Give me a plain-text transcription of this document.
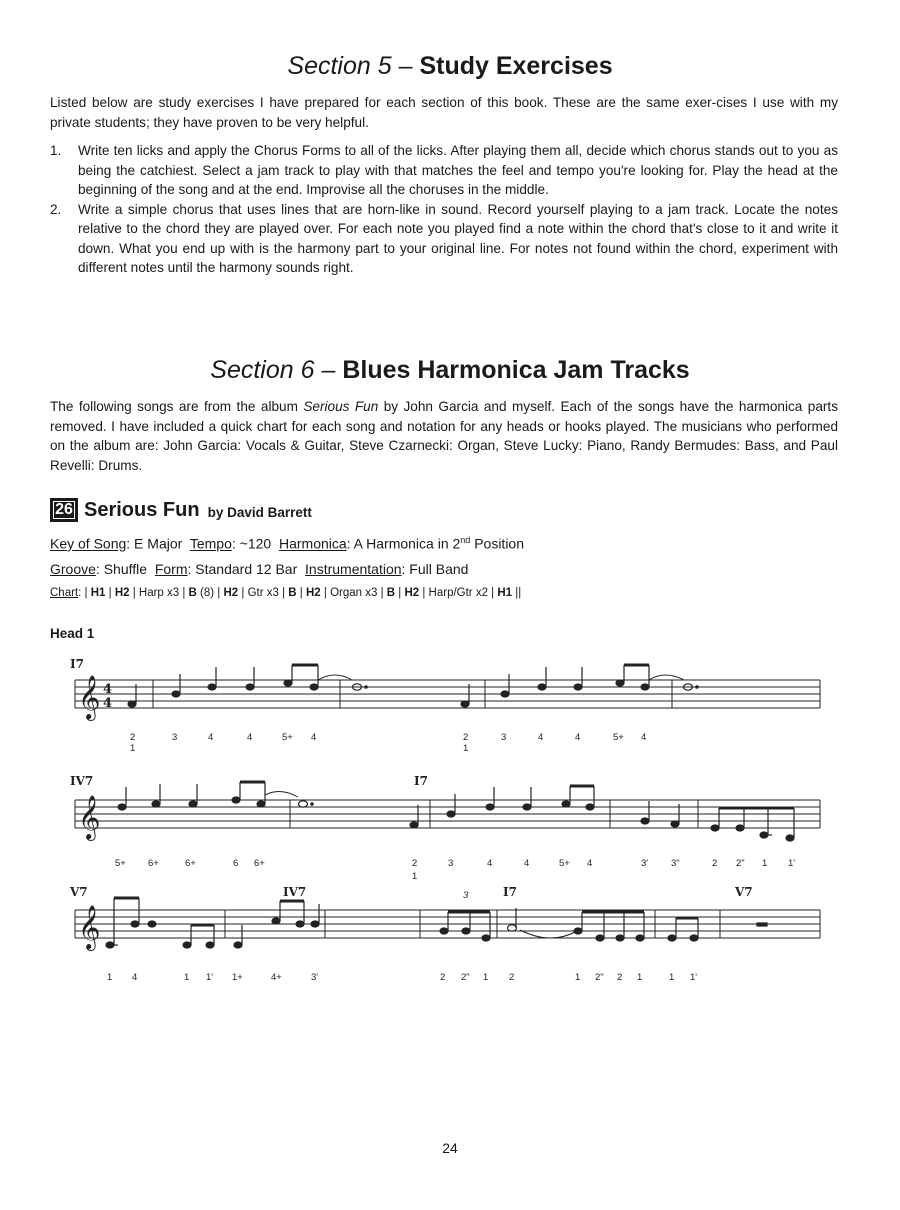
Section 5 – Study Exercises

Listed below are study exercises I have prepared for each section of this book. These are the same exer-cises I use with my private students; they have proven to be very helpful.

1. Write ten licks and apply the Chorus Forms to all of the licks. After playing them all, decide which chorus stands out to you as being the catchiest. Select a jam track to play with that matches the feel and tempo you're looking for. Play the head at the beginning of the song and at the end. Improvise all the choruses in the middle.
2. Write a simple chorus that uses lines that are horn-like in sound. Record yourself playing to a jam track. Locate the notes relative to the chord they are played over. For each note you played find a note within the chord that's close to it and write it down. What you end up with is the harmony part to your original line. For notes not found within the chord, experiment with different notes until the harmony sounds right.
Section 6 – Blues Harmonica Jam Tracks

The following songs are from the album Serious Fun by John Garcia and myself. Each of the songs have the harmonica parts removed. I have included a quick chart for each song and notation for any heads or hooks played. The musicians who performed on the album are: John Garcia: Vocals & Guitar, Steve Czarnecki: Organ, Steve Lucky: Piano, Randy Bermudes: Bass, and Paul Revelli: Drums.

26 Serious Fun by David Barrett
Key of Song: E Major Tempo: ~120 Harmonica: A Harmonica in 2nd Position
Groove: Shuffle Form: Standard 12 Bar Instrumentation: Full Band
Chart: | H1 | H2 | Harp x3 | B (8) | H2 | Gtr x3 | B | H2 | Organ x3 | B | H2 | Harp/Gtr x2 | H1 ||
Head 1
𝄞
𝄞
𝄞
4
4
I7
IV7	I7
V7	IV7	I7	V7
3
2
1
3	4	4	5+ 4	2
1
3	4	4	5+ 4
5+ 6+	6+	6 6+	2
1
3	4	4	5+ 4	3' 3"	2 2" 1 1'
1 4	1 1' 1+	4+	3'	2 2" 1 2	1 2" 2 1	1 1'
24
